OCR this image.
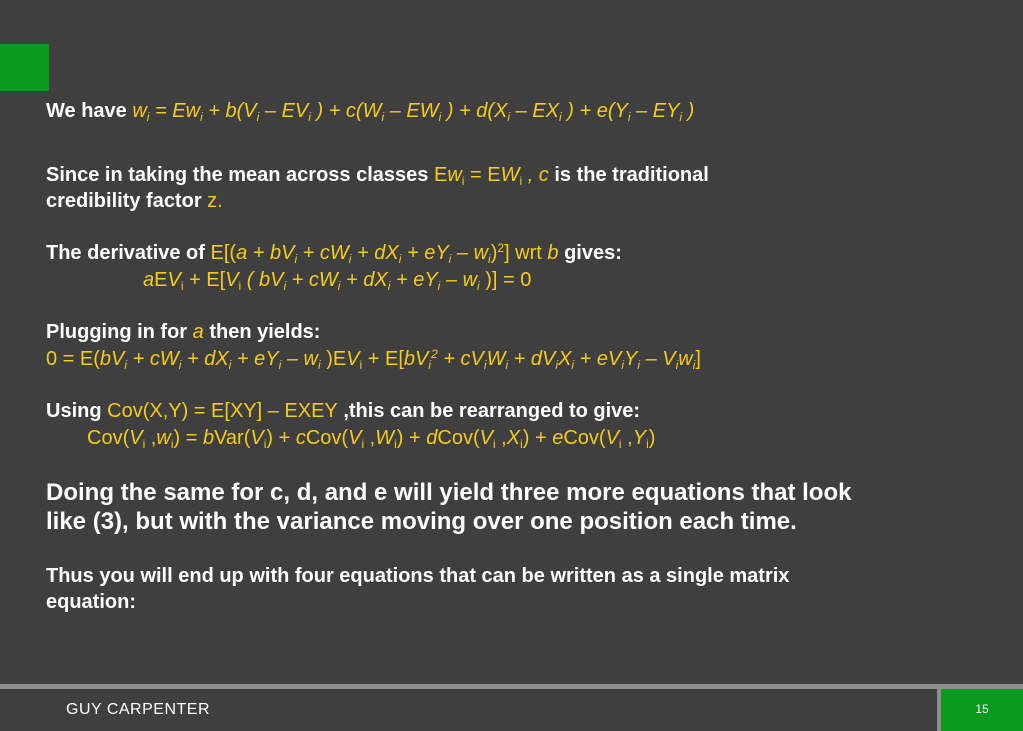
We have $w_i = Ew_i + b(V_i - EV_i$ ) + $c(W_i - EW_i$ ) + $d(X_i - EX_i$ ) + $e(Y_i - EY_i$ )
Since in taking the mean across classes $Ew_i = EW_i$ , c is the traditional
credibility factor z.
The derivative of $E[(a + bV_i + cW_i + dX_i + eY_i - w_i)^2]$ wrt b gives:
$aEV_i + E[V_i$ ( $bV_i + cW_i + dX_i + eY_i - w_i$ )] = 0
Plugging in for a then yields:
$0 = E(bV_i + cW_i + dX_i + eY_i - w_i$ )$EV_i + E[bV_i^2 + cV_iW_i + dV_iX_i + eV_iY_i - V_iw_i]$
Using Cov(X,Y) = E[XY] – EXEY ,this can be rearranged to give:
$Cov(V_i$ $,w_i$) = $bVar(V_i)$ + $cCov(V_i$ $,W_i$) + $dCov(V_i$ $,X_i$) + $eCov(V_i$ $,Y_i$)
Doing the same for c, d, and e will yield three more equations that look
like (3), but with the variance moving over one position each time.
Thus you will end up with four equations that can be written as a single matrix
equation:
GUY CARPENTER	15
